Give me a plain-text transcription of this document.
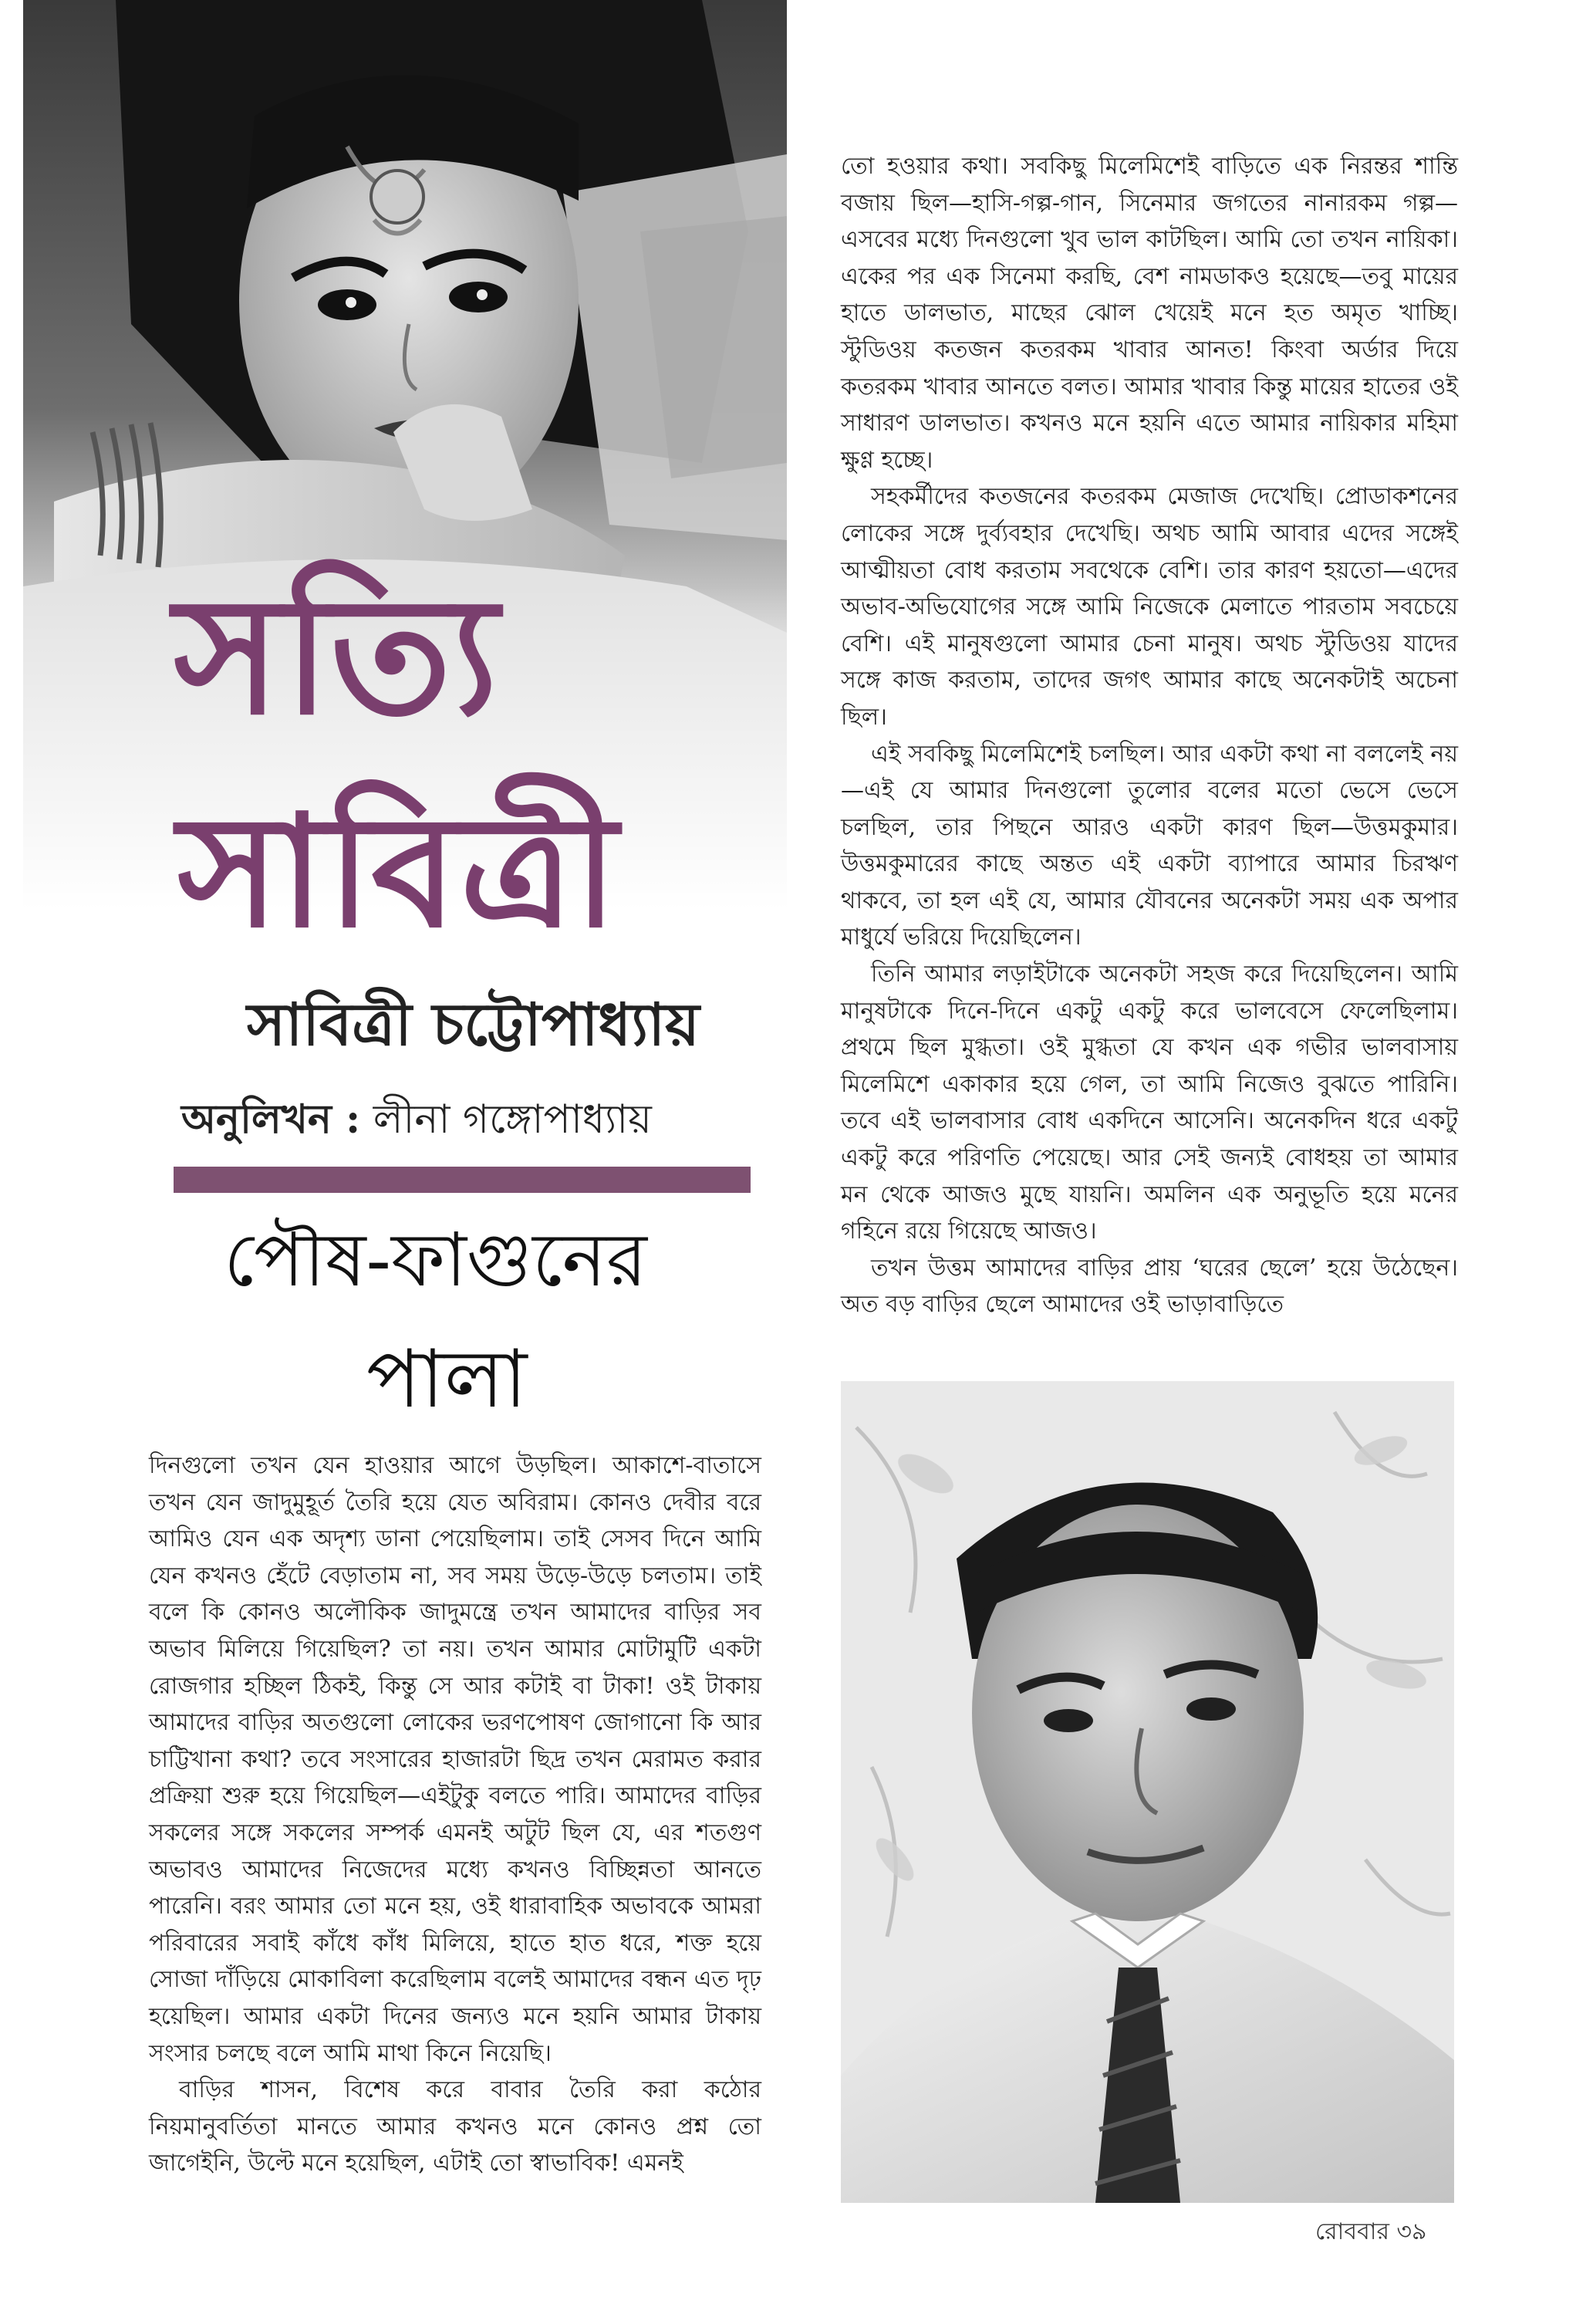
সত্যি
সাবিত্রী
সাবিত্রী চট্টোপাধ্যায়
অনুলিখন : লীনা গঙ্গোপাধ্যায়
পৌষ-ফাগুনের
পালা

দিনগুলো তখন যেন হাওয়ার আগে উড়ছিল। আকাশে-বাতাসে তখন যেন জাদুমুহূর্ত তৈরি হয়ে যেত অবিরাম। কোনও দেবীর বরে আমিও যেন এক অদৃশ্য ডানা পেয়েছিলাম। তাই সেসব দিনে আমি যেন কখনও হেঁটে বেড়াতাম না, সব সময় উড়ে-উড়ে চলতাম। তাই বলে কি কোনও অলৌকিক জাদুমন্ত্রে তখন আমাদের বাড়ির সব অভাব মিলিয়ে গিয়েছিল? তা নয়। তখন আমার মোটামুটি একটা রোজগার হচ্ছিল ঠিকই, কিন্তু সে আর কটাই বা টাকা! ওই টাকায় আমাদের বাড়ির অতগুলো লোকের ভরণপোষণ জোগানো কি আর চাট্টিখানা কথা? তবে সংসারের হাজারটা ছিদ্র তখন মেরামত করার প্রক্রিয়া শুরু হয়ে গিয়েছিল—এইটুকু বলতে পারি। আমাদের বাড়ির সকলের সঙ্গে সকলের সম্পর্ক এমনই অটুট ছিল যে, এর শতগুণ অভাবও আমাদের নিজেদের মধ্যে কখনও বিচ্ছিন্নতা আনতে পারেনি। বরং আমার তো মনে হয়, ওই ধারাবাহিক অভাবকে আমরা পরিবারের সবাই কাঁধে কাঁধ মিলিয়ে, হাতে হাত ধরে, শক্ত হয়ে সোজা দাঁড়িয়ে মোকাবিলা করেছিলাম বলেই আমাদের বন্ধন এত দৃঢ় হয়েছিল। আমার একটা দিনের জন্যও মনে হয়নি আমার টাকায় সংসার চলছে বলে আমি মাথা কিনে নিয়েছি।

বাড়ির শাসন, বিশেষ করে বাবার তৈরি করা কঠোর নিয়মানুবর্তিতা মানতে আমার কখনও মনে কোনও প্রশ্ন তো জাগেইনি, উল্টে মনে হয়েছিল, এটাই তো স্বাভাবিক! এমনই

তো হওয়ার কথা। সবকিছু মিলেমিশেই বাড়িতে এক নিরন্তর শান্তি বজায় ছিল—হাসি-গল্প-গান, সিনেমার জগতের নানারকম গল্প—এসবের মধ্যে দিনগুলো খুব ভাল কাটছিল। আমি তো তখন নায়িকা। একের পর এক সিনেমা করছি, বেশ নামডাকও হয়েছে—তবু মায়ের হাতে ডালভাত, মাছের ঝোল খেয়েই মনে হত অমৃত খাচ্ছি। স্টুডিওয় কতজন কতরকম খাবার আনত! কিংবা অর্ডার দিয়ে কতরকম খাবার আনতে বলত। আমার খাবার কিন্তু মায়ের হাতের ওই সাধারণ ডালভাত। কখনও মনে হয়নি এতে আমার নায়িকার মহিমা ক্ষুণ্ণ হচ্ছে।

সহকর্মীদের কতজনের কতরকম মেজাজ দেখেছি। প্রোডাকশনের লোকের সঙ্গে দুর্ব্যবহার দেখেছি। অথচ আমি আবার এদের সঙ্গেই আত্মীয়তা বোধ করতাম সবথেকে বেশি। তার কারণ হয়তো—এদের অভাব-অভিযোগের সঙ্গে আমি নিজেকে মেলাতে পারতাম সবচেয়ে বেশি। এই মানুষগুলো আমার চেনা মানুষ। অথচ স্টুডিওয় যাদের সঙ্গে কাজ করতাম, তাদের জগৎ আমার কাছে অনেকটাই অচেনা ছিল।

এই সবকিছু মিলেমিশেই চলছিল। আর একটা কথা না বললেই নয়—এই যে আমার দিনগুলো তুলোর বলের মতো ভেসে ভেসে চলছিল, তার পিছনে আরও একটা কারণ ছিল—উত্তমকুমার। উত্তমকুমারের কাছে অন্তত এই একটা ব্যাপারে আমার চিরঋণ থাকবে, তা হল এই যে, আমার যৌবনের অনেকটা সময় এক অপার মাধুর্যে ভরিয়ে দিয়েছিলেন।

তিনি আমার লড়াইটাকে অনেকটা সহজ করে দিয়েছিলেন। আমি মানুষটাকে দিনে-দিনে একটু একটু করে ভালবেসে ফেলেছিলাম। প্রথমে ছিল মুগ্ধতা। ওই মুগ্ধতা যে কখন এক গভীর ভালবাসায় মিলেমিশে একাকার হয়ে গেল, তা আমি নিজেও বুঝতে পারিনি। তবে এই ভালবাসার বোধ একদিনে আসেনি। অনেকদিন ধরে একটু একটু করে পরিণতি পেয়েছে। আর সেই জন্যই বোধহয় তা আমার মন থেকে আজও মুছে যায়নি। অমলিন এক অনুভূতি হয়ে মনের গহিনে রয়ে গিয়েছে আজও।

তখন উত্তম আমাদের বাড়ির প্রায় ‘ঘরের ছেলে’ হয়ে উঠেছেন। অত বড় বাড়ির ছেলে আমাদের ওই ভাড়াবাড়িতে

রোববার ৩৯
